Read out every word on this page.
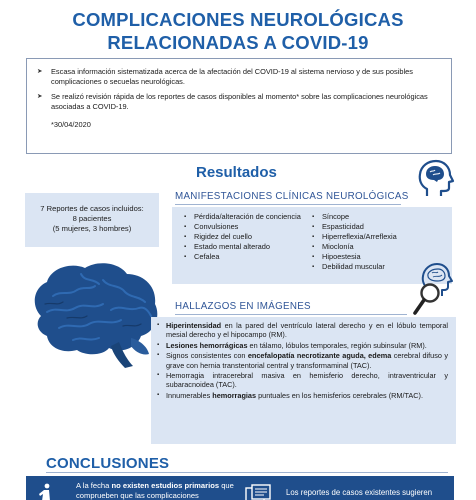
COMPLICACIONES NEUROLÓGICAS
RELACIONADAS A COVID-19
➤ Escasa información sistematizada acerca de la afectación del COVID-19 al sistema nervioso y de sus posibles complicaciones o secuelas neurológicas.
➤ Se realizó revisión rápida de los reportes de casos disponibles al momento* sobre las complicaciones neurológicas asociadas a COVID-19.
*30/04/2020
Resultados
7 Reportes de casos incluidos:
8 pacientes
(5 mujeres, 3 hombres)
MANIFESTACIONES CLÍNICAS NEUROLÓGICAS
▪ Pérdida/alteración de conciencia
▪ Convulsiones
▪ Rigidez del cuello
▪ Estado mental alterado
▪ Cefalea
▪ Síncope
▪ Espasticidad
▪ Hiperreflexia/Arreflexia
▪ Mioclonía
▪ Hipoestesia
▪ Debilidad muscular
HALLAZGOS EN IMÁGENES
▪ Hiperintensidad en la pared del ventrículo lateral derecho y en el lóbulo temporal mesial derecho y el hipocampo (RM).
▪ Lesiones hemorrágicas en tálamo, lóbulos temporales, región subinsular (RM).
▪ Signos consistentes con encefalopatía necrotizante aguda, edema cerebral difuso y grave con hernia transtentorial central y transformaminal (TAC).
▪ Hemorragia intracerebral masiva en hemisferio derecho, intraventricular y subaracnoidea (TAC).
▪ Innumerables hemorragias puntuales en los hemisferios cerebrales (RM/TAC).
CONCLUSIONES
A la fecha no existen estudios primarios que comprueben que las complicaciones	Los reportes de casos existentes sugieren
